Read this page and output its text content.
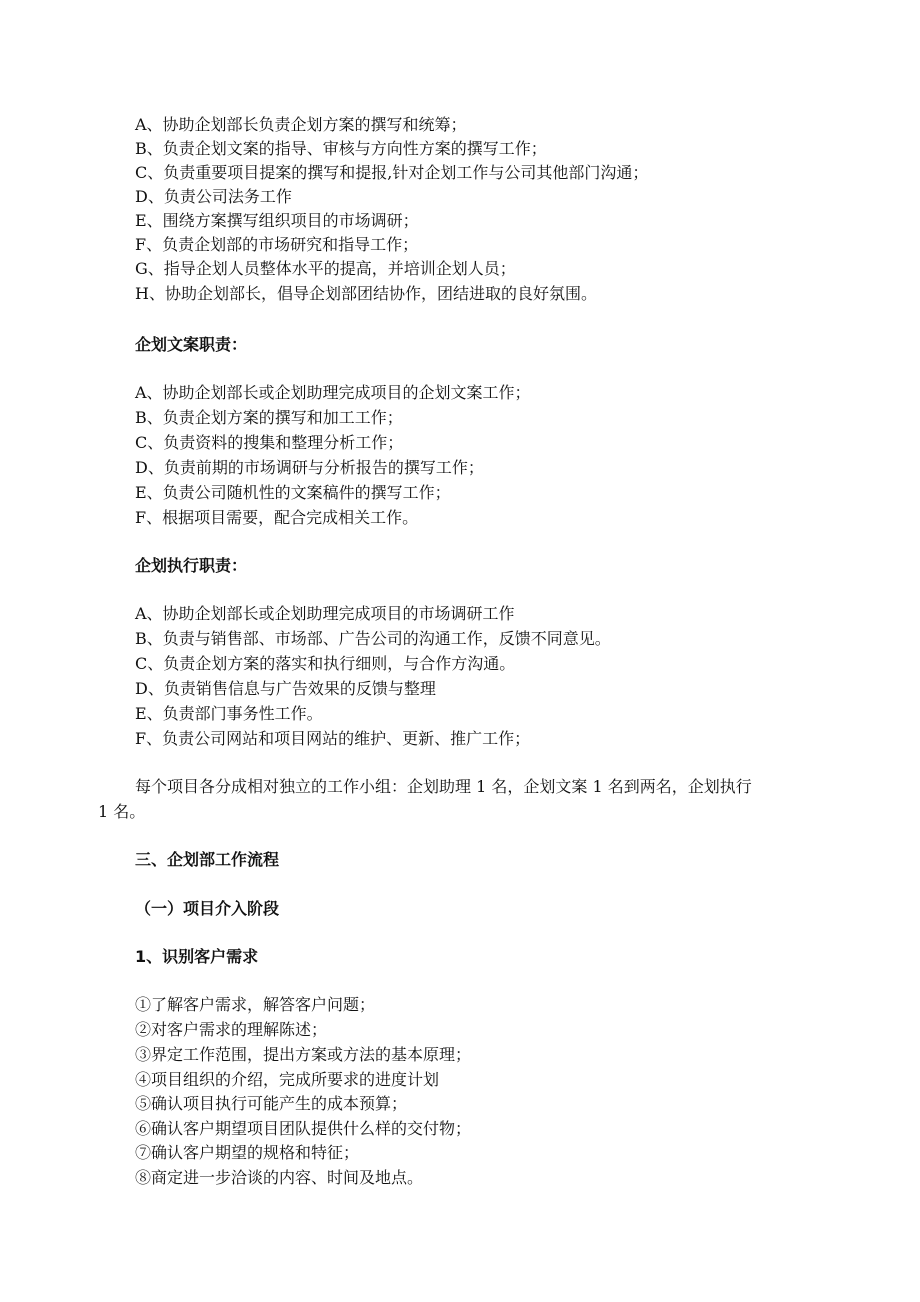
A、协助企划部长负责企划方案的撰写和统筹；
B、负责企划文案的指导、审核与方向性方案的撰写工作；
C、负责重要项目提案的撰写和提报,针对企划工作与公司其他部门沟通；
D、负责公司法务工作
E、围绕方案撰写组织项目的市场调研；
F、负责企划部的市场研究和指导工作；
G、指导企划人员整体水平的提高，并培训企划人员；
H、协助企划部长，倡导企划部团结协作，团结进取的良好氛围。
企划文案职责：
A、协助企划部长或企划助理完成项目的企划文案工作；
B、负责企划方案的撰写和加工工作；
C、负责资料的搜集和整理分析工作；
D、负责前期的市场调研与分析报告的撰写工作；
E、负责公司随机性的文案稿件的撰写工作；
F、根据项目需要，配合完成相关工作。
企划执行职责：
A、协助企划部长或企划助理完成项目的市场调研工作
B、负责与销售部、市场部、广告公司的沟通工作，反馈不同意见。
C、负责企划方案的落实和执行细则，与合作方沟通。
D、负责销售信息与广告效果的反馈与整理
E、负责部门事务性工作。
F、负责公司网站和项目网站的维护、更新、推广工作；
每个项目各分成相对独立的工作小组：企划助理 1 名，企划文案 1 名到两名，企划执行
1 名。
三、企划部工作流程
（一）项目介入阶段
1、识别客户需求
①了解客户需求，解答客户问题；
②对客户需求的理解陈述；
③界定工作范围，提出方案或方法的基本原理；
④项目组织的介绍，完成所要求的进度计划
⑤确认项目执行可能产生的成本预算；
⑥确认客户期望项目团队提供什么样的交付物；
⑦确认客户期望的规格和特征；
⑧商定进一步洽谈的内容、时间及地点。
